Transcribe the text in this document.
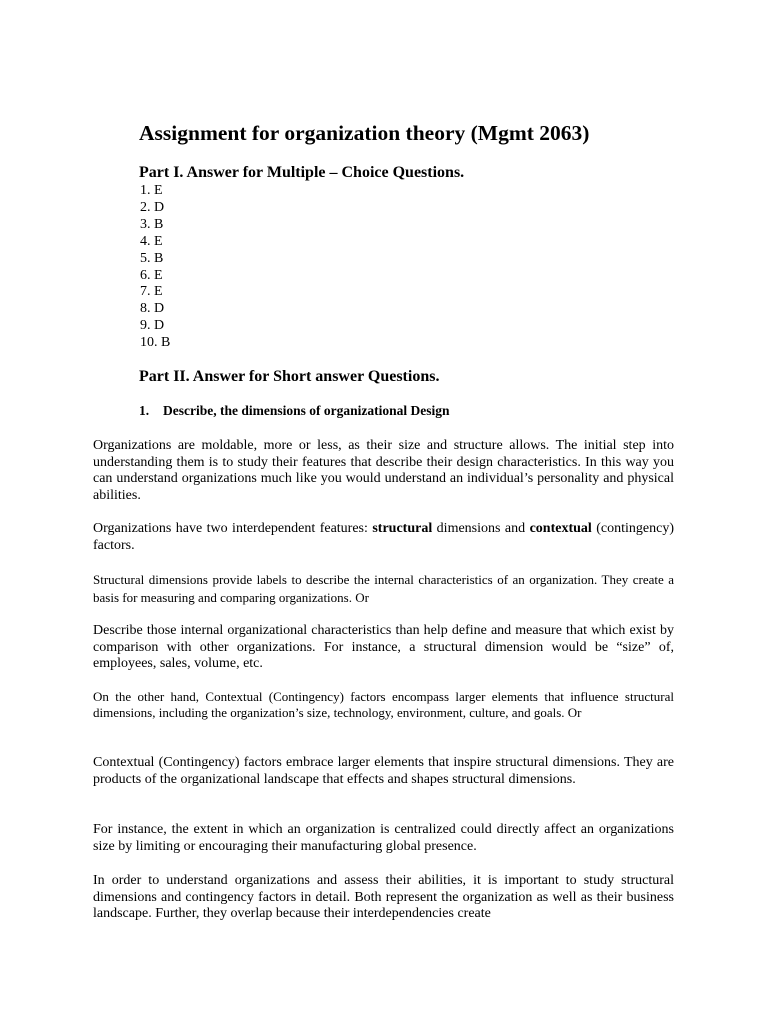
Assignment for organization theory (Mgmt 2063)
Part I. Answer for Multiple – Choice Questions.
1. E
2. D
3. B
4. E
5. B
6. E
7. E
8. D
9. D
10. B
Part II. Answer for Short answer Questions.
1. Describe, the dimensions of organizational Design

Organizations are moldable, more or less, as their size and structure allows. The initial step into understanding them is to study their features that describe their design characteristics. In this way you can understand organizations much like you would understand an individual’s personality and physical abilities.

Organizations have two interdependent features: structural dimensions and contextual (contingency) factors.

Structural dimensions provide labels to describe the internal characteristics of an organization. They create a basis for measuring and comparing organizations. Or

Describe those internal organizational characteristics than help define and measure that which exist by comparison with other organizations. For instance, a structural dimension would be “size” of, employees, sales, volume, etc.

On the other hand, Contextual (Contingency) factors encompass larger elements that influence structural dimensions, including the organization’s size, technology, environment, culture, and goals. Or

Contextual (Contingency) factors embrace larger elements that inspire structural dimensions. They are products of the organizational landscape that effects and shapes structural dimensions.

For instance, the extent in which an organization is centralized could directly affect an organizations size by limiting or encouraging their manufacturing global presence.

In order to understand organizations and assess their abilities, it is important to study structural dimensions and contingency factors in detail. Both represent the organization as well as their business landscape. Further, they overlap because their interdependencies create
